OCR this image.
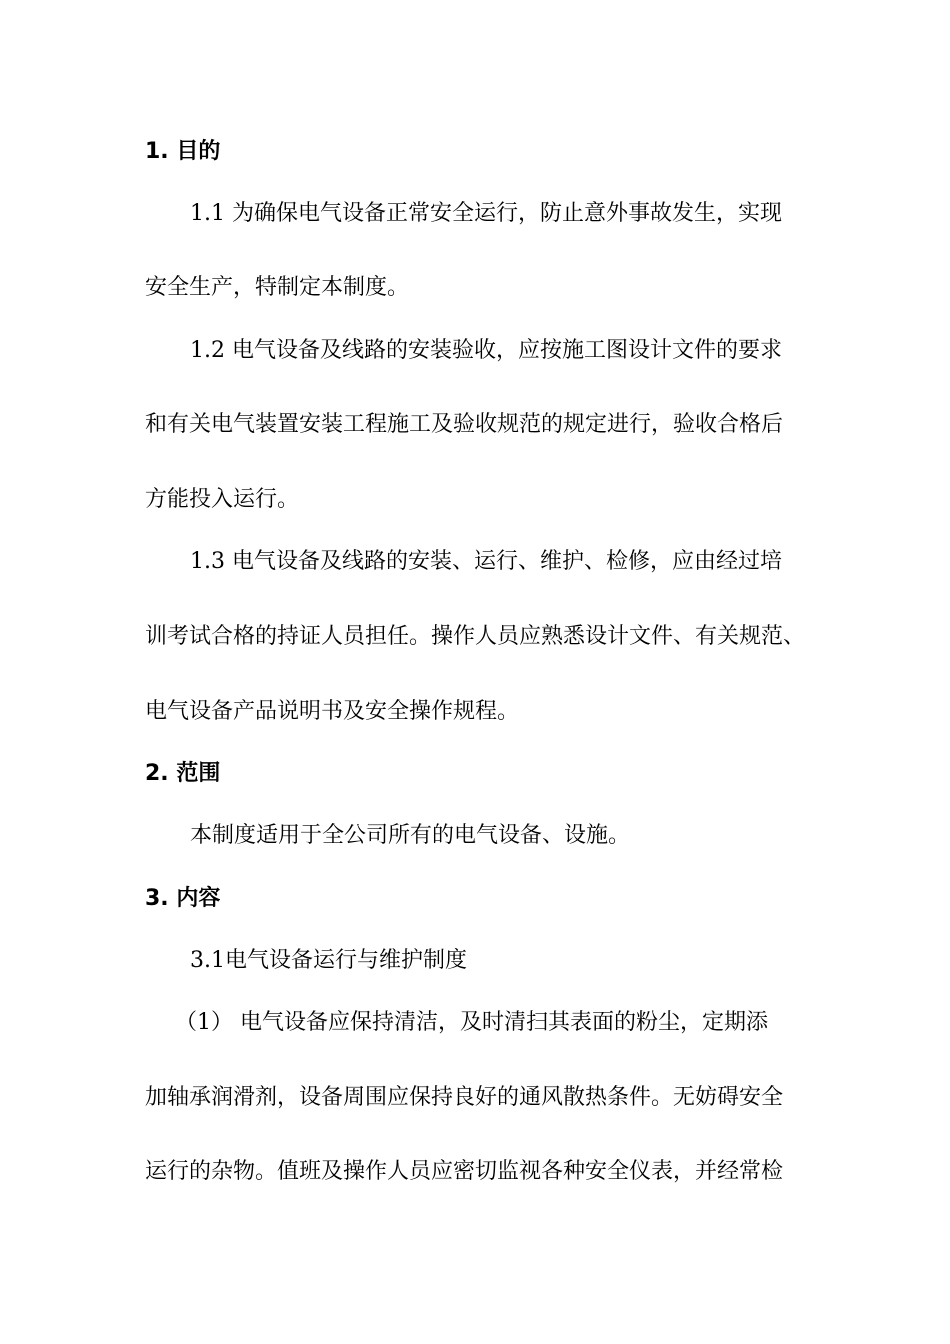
1. 目的
1.1 为确保电气设备正常安全运行，防止意外事故发生，实现
安全生产，特制定本制度。
1.2 电气设备及线路的安装验收，应按施工图设计文件的要求
和有关电气装置安装工程施工及验收规范的规定进行，验收合格后
方能投入运行。
1.3 电气设备及线路的安装、运行、维护、检修，应由经过培
训考试合格的持证人员担任。操作人员应熟悉设计文件、有关规范、
电气设备产品说明书及安全操作规程。
2. 范围
本制度适用于全公司所有的电气设备、设施。
3. 内容
3.1电气设备运行与维护制度
（1） 电气设备应保持清洁，及时清扫其表面的粉尘，定期添
加轴承润滑剂，设备周围应保持良好的通风散热条件。无妨碍安全
运行的杂物。值班及操作人员应密切监视各种安全仪表，并经常检
